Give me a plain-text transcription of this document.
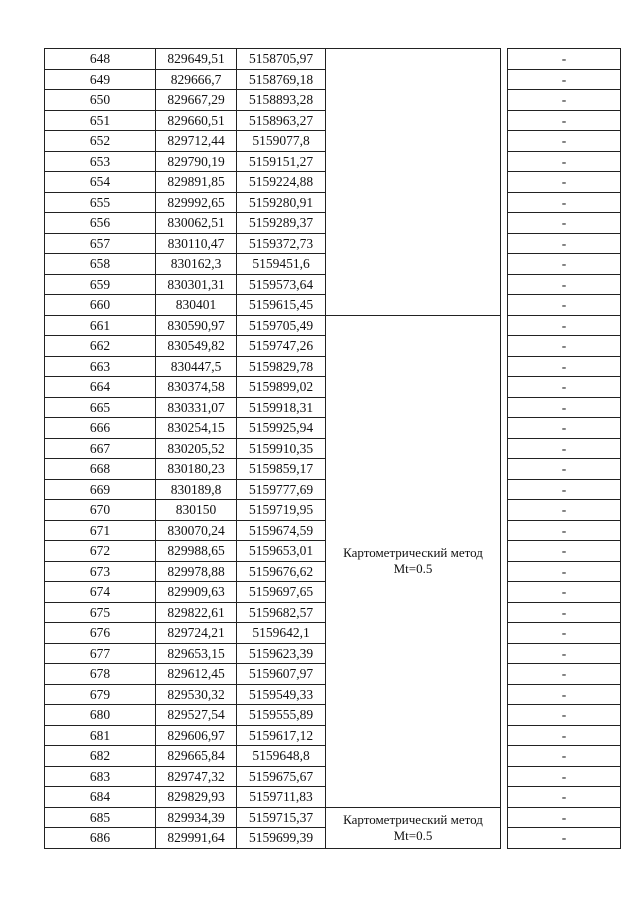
648	829649,51	5158705,97			-
649	829666,7	5158769,18			-
650	829667,29	5158893,28			-
651	829660,51	5158963,27			-
652	829712,44	5159077,8			-
653	829790,19	5159151,27			-
654	829891,85	5159224,88			-
655	829992,65	5159280,91			-
656	830062,51	5159289,37			-
657	830110,47	5159372,73			-
658	830162,3	5159451,6			-
659	830301,31	5159573,64			-
660	830401	5159615,45			-
661	830590,97	5159705,49	Картометрический метод
Mt=0.5		-
662	830549,82	5159747,26			-
663	830447,5	5159829,78			-
664	830374,58	5159899,02			-
665	830331,07	5159918,31			-
666	830254,15	5159925,94			-
667	830205,52	5159910,35			-
668	830180,23	5159859,17			-
669	830189,8	5159777,69			-
670	830150	5159719,95			-
671	830070,24	5159674,59			-
672	829988,65	5159653,01			-
673	829978,88	5159676,62			-
674	829909,63	5159697,65			-
675	829822,61	5159682,57			-
676	829724,21	5159642,1			-
677	829653,15	5159623,39			-
678	829612,45	5159607,97			-
679	829530,32	5159549,33			-
680	829527,54	5159555,89			-
681	829606,97	5159617,12			-
682	829665,84	5159648,8			-
683	829747,32	5159675,67			-
684	829829,93	5159711,83			-
685	829934,39	5159715,37	Картометрический метод
Mt=0.5		-
686	829991,64	5159699,39			-
